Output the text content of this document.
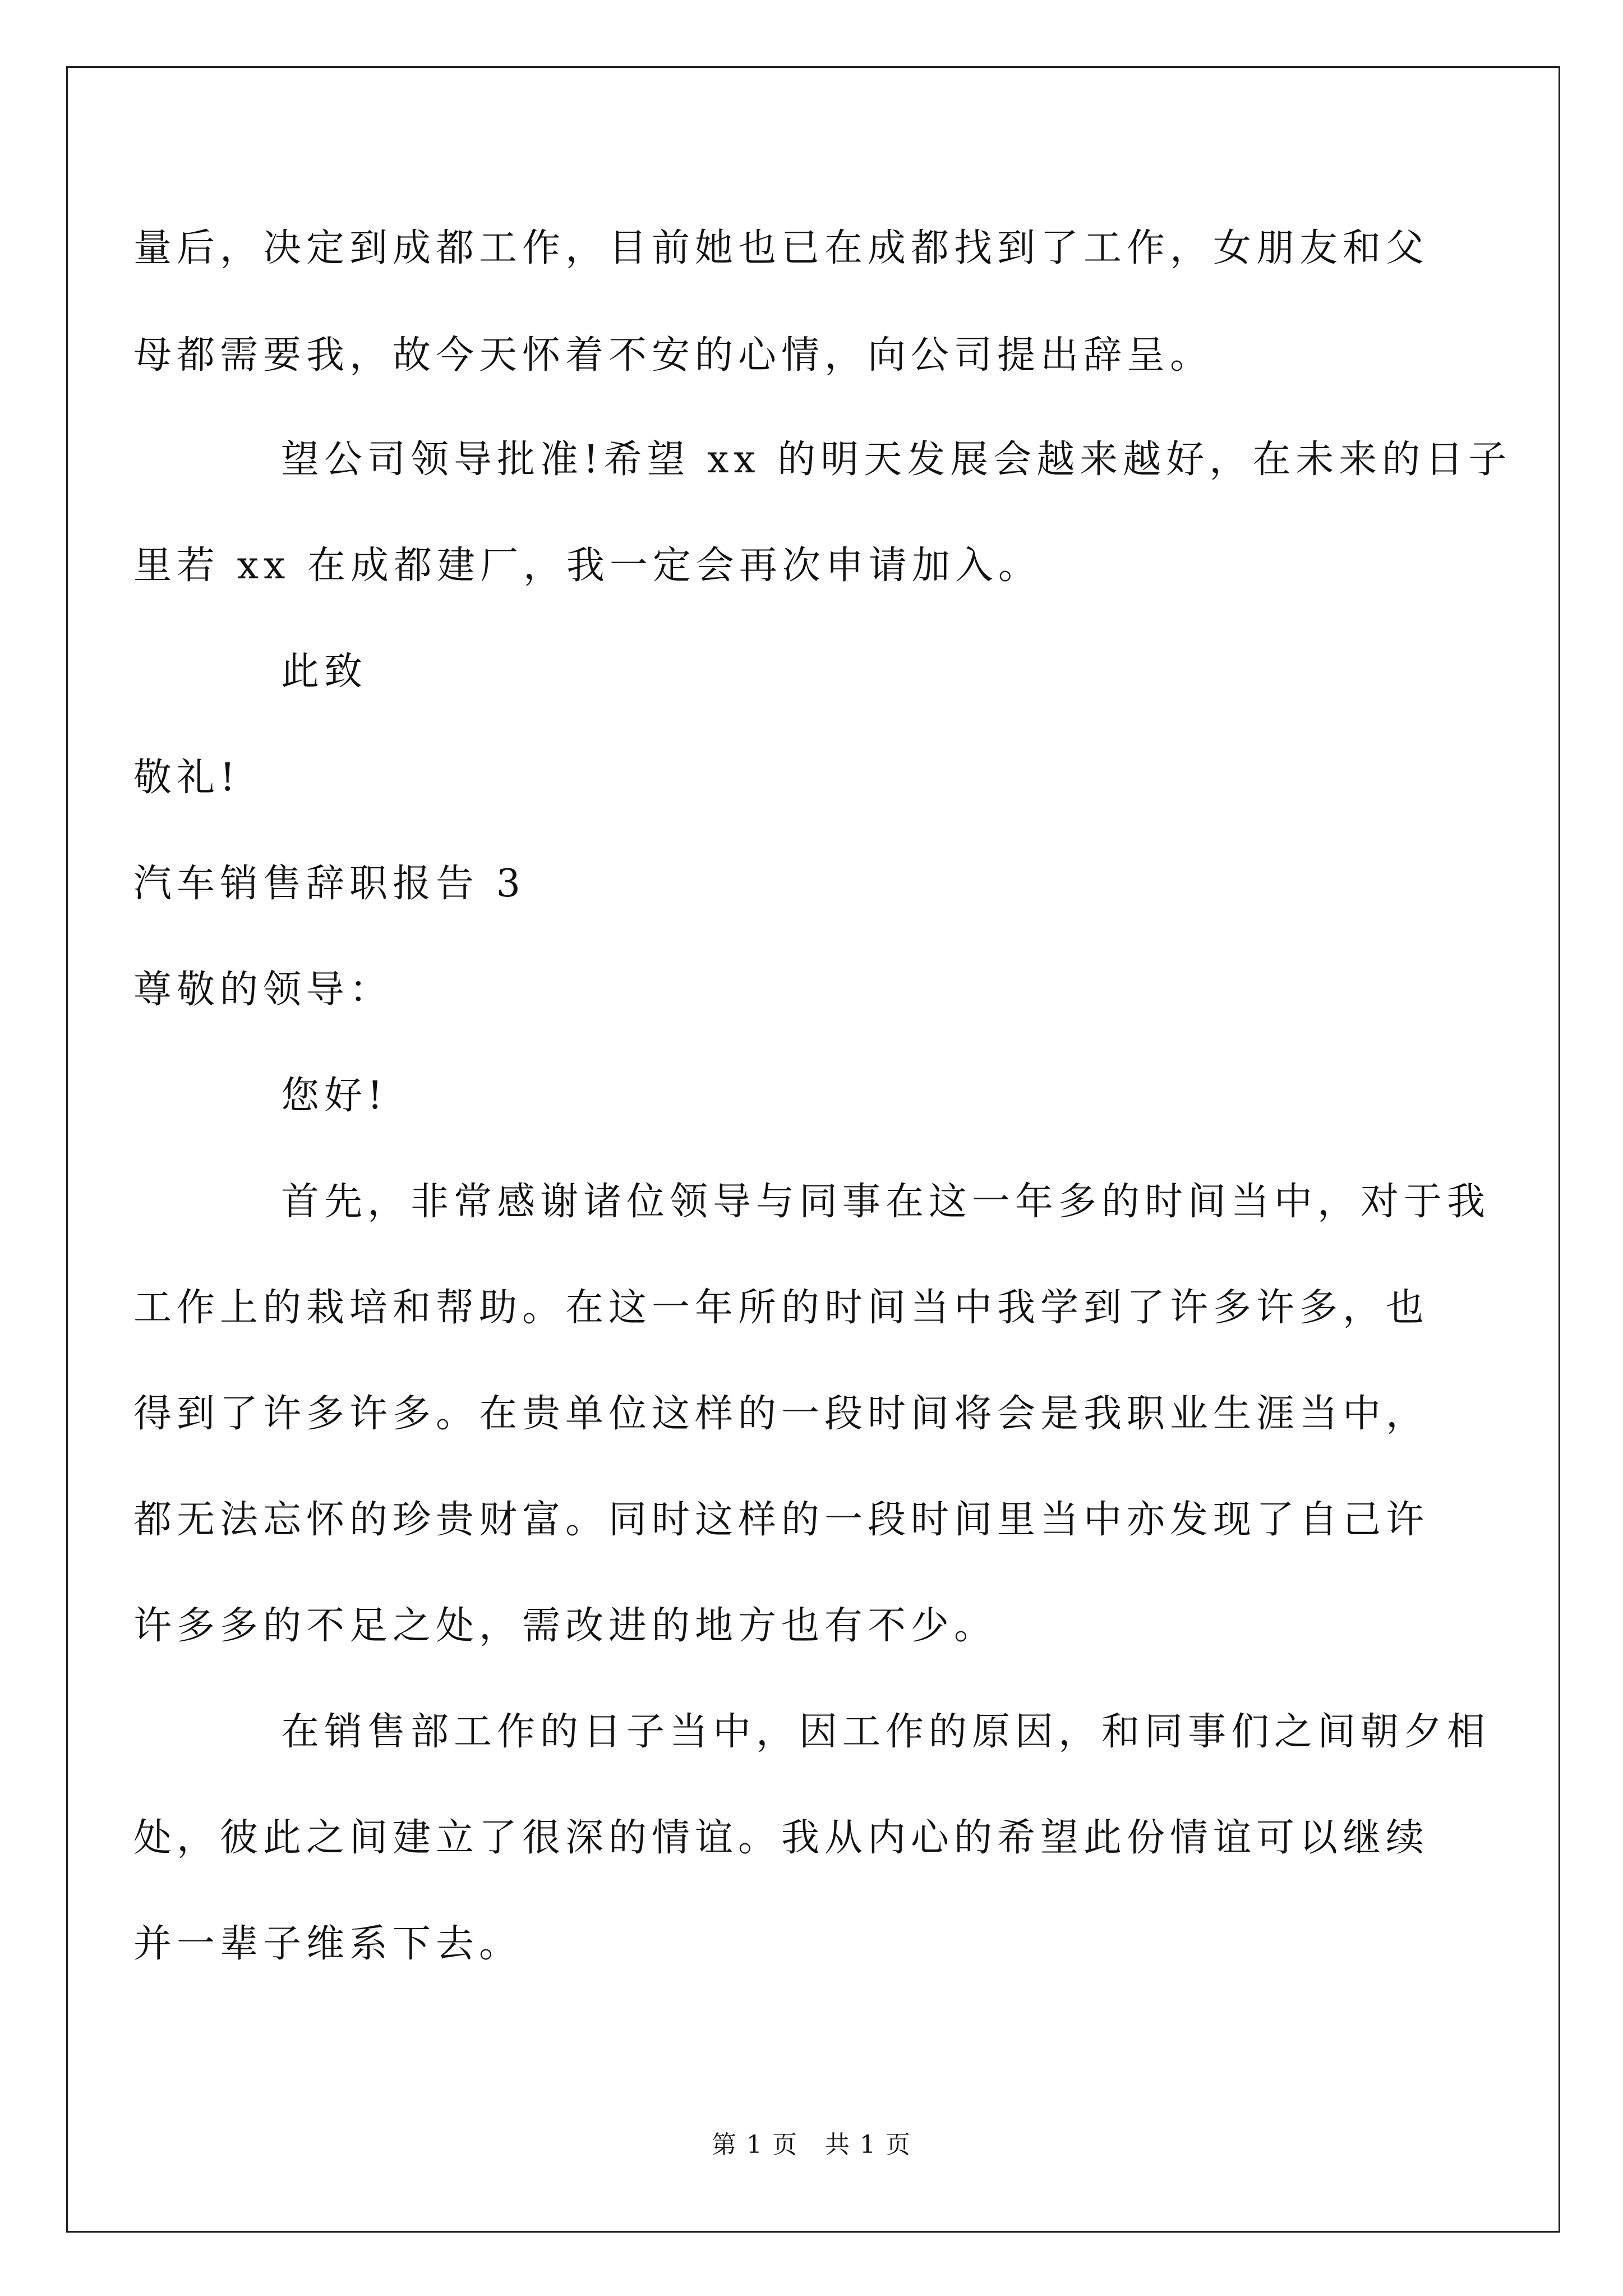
量后，决定到成都工作，目前她也已在成都找到了工作，女朋友和父

母都需要我，故今天怀着不安的心情，向公司提出辞呈。

望公司领导批准!希望 xx 的明天发展会越来越好，在未来的日子

里若 xx 在成都建厂，我一定会再次申请加入。

此致

敬礼!

汽车销售辞职报告 3

尊敬的领导：

您好!

首先，非常感谢诸位领导与同事在这一年多的时间当中，对于我

工作上的栽培和帮助。在这一年所的时间当中我学到了许多许多，也

得到了许多许多。在贵单位这样的一段时间将会是我职业生涯当中，

都无法忘怀的珍贵财富。同时这样的一段时间里当中亦发现了自己许

许多多的不足之处，需改进的地方也有不少。

在销售部工作的日子当中，因工作的原因，和同事们之间朝夕相

处，彼此之间建立了很深的情谊。我从内心的希望此份情谊可以继续

并一辈子维系下去。

第 1 页   共 1 页
